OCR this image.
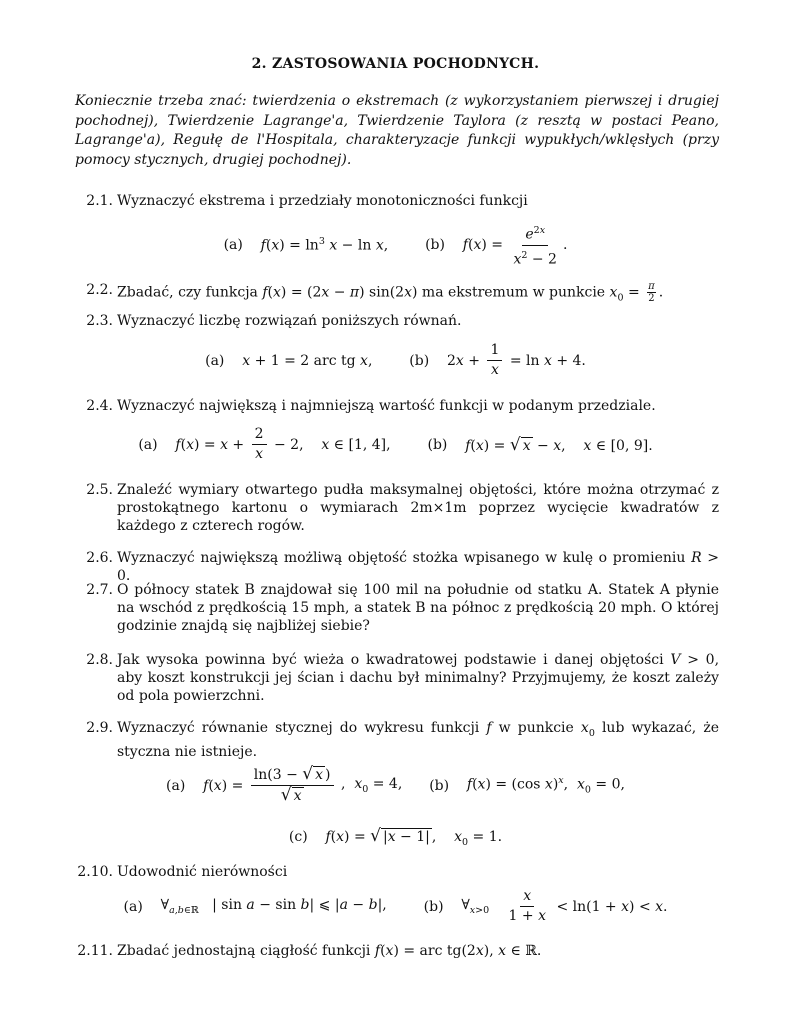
2. ZASTOSOWANIA POCHODNYCH.
Koniecznie trzeba znać: twierdzenia o ekstremach (z wykorzystaniem pierwszej i drugiej pochodnej), Twierdzenie Lagrange'a, Twierdzenie Taylora (z resztą w postaci Peano, Lagrange'a), Regułę de l'Hospitala, charakteryzacje funkcji wypukłych/wklęsłych (przy pomocy stycznych, drugiej pochodnej).
2.1. Wyznaczyć ekstrema i przedziały monotoniczności funkcji
(a) $f(x) = \ln^3 x - \ln x$,	(b) $f(x) = \frac{e^{2x}}{x^2 - 2}$ .
2.2. Zbadać, czy funkcja f(x) = (2x − π) sin(2x) ma ekstremum w punkcie $x_0 = \frac{\pi}{2}$ .
2.3. Wyznaczyć liczbę rozwiązań poniższych równań.
(a) x + 1 = 2 arc tg x,	(b) $2x + \frac{1}{x} = \ln x + 4$.
2.4. Wyznaczyć największą i najmniejszą wartość funkcji w podanym przedziale.
(a) $f(x) = x + \frac{2}{x} - 2$,    x ∈ [1, 4],	(b) f(x) = √ x − x,    x ∈ [0, 9].
2.5. Znaleźć wymiary otwartego pudła maksymalnej objętości, które można otrzymać z prostokątnego kartonu o wymiarach 2m×1m poprzez wycięcie kwadratów z każdego z czterech rogów.
2.6. Wyznaczyć największą możliwą objętość stożka wpisanego w kulę o promieniu R > 0.
2.7. O północy statek B znajdował się 100 mil na południe od statku A. Statek A płynie na wschód z prędkością 15 mph, a statek B na północ z prędkością 20 mph. O której godzinie znajdą się najbliżej siebie?
2.8. Jak wysoka powinna być wieża o kwadratowej podstawie i danej objętości V > 0, aby koszt konstrukcji jej ścian i dachu był minimalny? Przyjmujemy, że koszt zależy od pola powierzchni.
2.9. Wyznaczyć równanie stycznej do wykresu funkcji f w punkcie $x_0$ lub wykazać, że styczna nie istnieje.
(a) $f(x) = \frac{\ln(3 - √ x )}{√ x}$ ,  $x_0 = 4$, (b) f(x) = (cos x)$^x$,  $x_0 = 0$,
(c) f(x) = √ |x − 1| ,    $x_0 = 1$.
2.10. Udowodnić nierówności
(a) $\forall_{a,b\in ℝ}$   | sin a − sin b| ⩽ |a − b|,	(b) $\forall_{x>0} \frac{x}{1 + x} < \ln(1 + x) < x$.
2.11. Zbadać jednostajną ciągłość funkcji f(x) = arc tg(2x), x ∈ ℝ.
